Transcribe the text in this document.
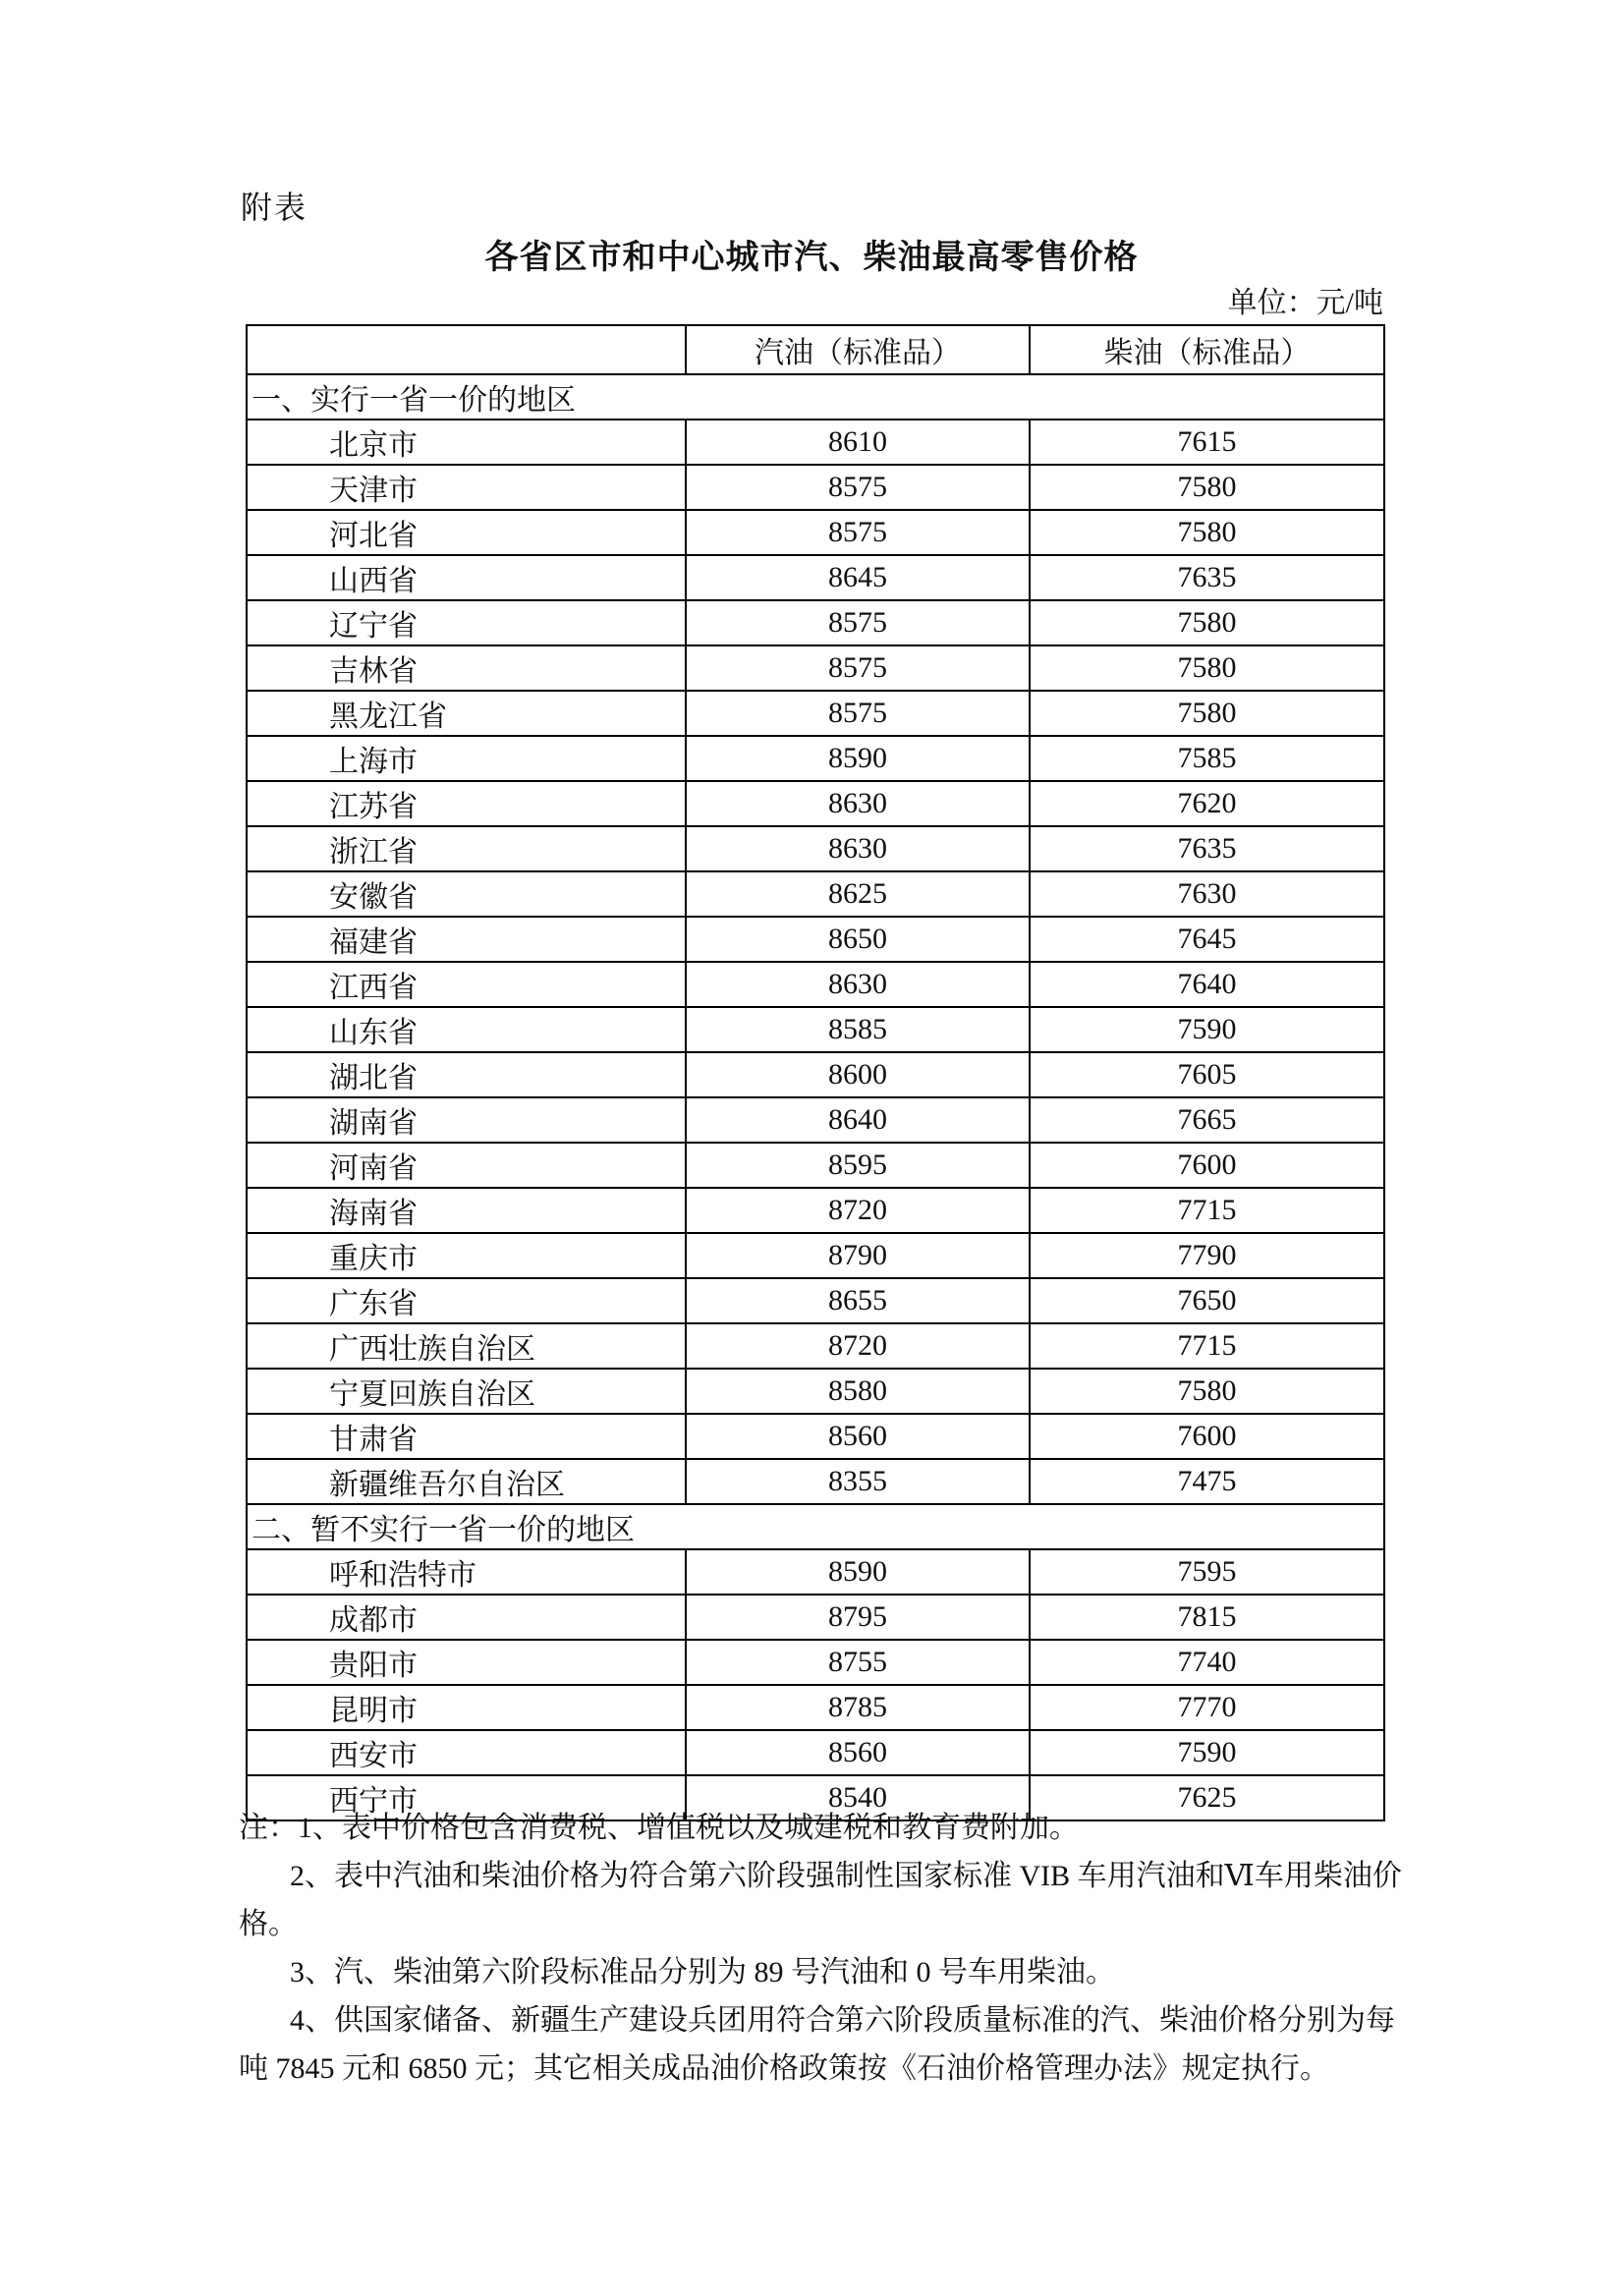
附表
各省区市和中心城市汽、柴油最高零售价格
单位：元/吨
	汽油（标准品）	柴油（标准品）
一、实行一省一价的地区		
北京市	8610	7615
天津市	8575	7580
河北省	8575	7580
山西省	8645	7635
辽宁省	8575	7580
吉林省	8575	7580
黑龙江省	8575	7580
上海市	8590	7585
江苏省	8630	7620
浙江省	8630	7635
安徽省	8625	7630
福建省	8650	7645
江西省	8630	7640
山东省	8585	7590
湖北省	8600	7605
湖南省	8640	7665
河南省	8595	7600
海南省	8720	7715
重庆市	8790	7790
广东省	8655	7650
广西壮族自治区	8720	7715
宁夏回族自治区	8580	7580
甘肃省	8560	7600
新疆维吾尔自治区	8355	7475
二、暂不实行一省一价的地区		
呼和浩特市	8590	7595
成都市	8795	7815
贵阳市	8755	7740
昆明市	8785	7770
西安市	8560	7590
西宁市	8540	7625
注：1、表中价格包含消费税、增值税以及城建税和教育费附加。
2、表中汽油和柴油价格为符合第六阶段强制性国家标准 VIB 车用汽油和Ⅵ车用柴油价
格。
3、汽、柴油第六阶段标准品分别为 89 号汽油和 0 号车用柴油。
4、供国家储备、新疆生产建设兵团用符合第六阶段质量标准的汽、柴油价格分别为每
吨 7845 元和 6850 元；其它相关成品油价格政策按《石油价格管理办法》规定执行。
